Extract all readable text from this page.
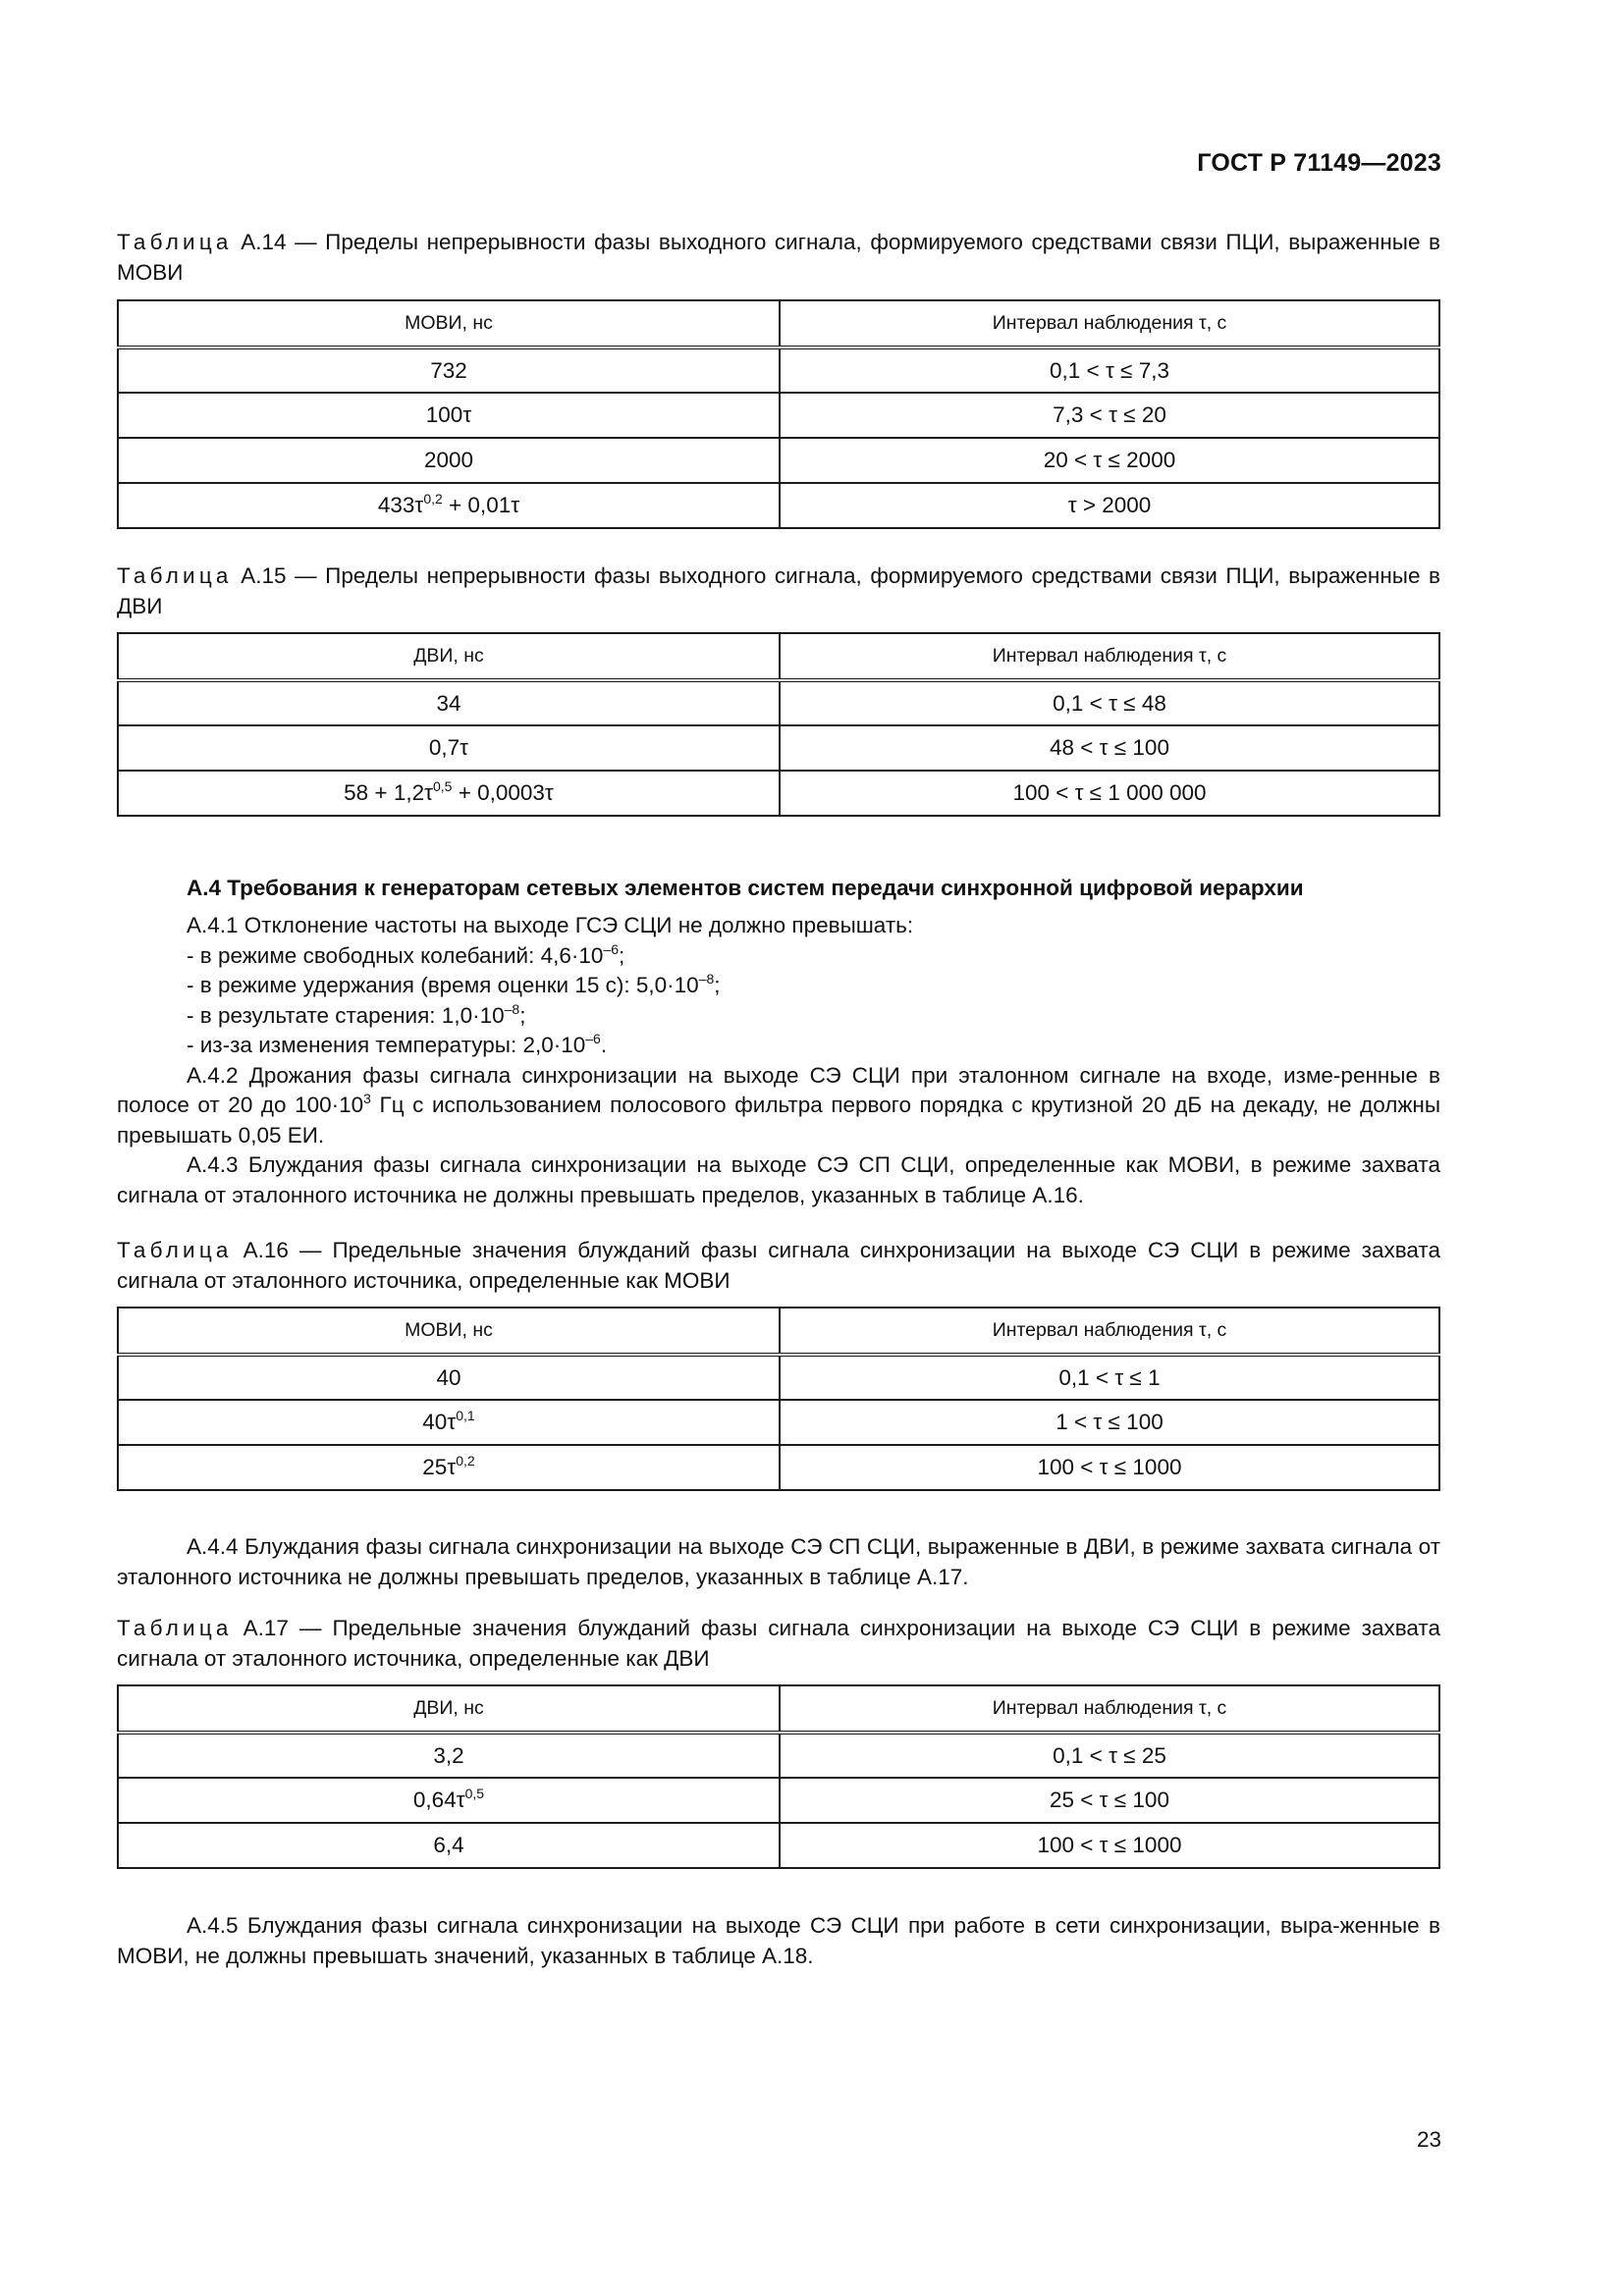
ГОСТ Р 71149—2023

Таблица А.14 — Пределы непрерывности фазы выходного сигнала, формируемого средствами связи ПЦИ, выраженные в МОВИ

МОВИ, нс	Интервал наблюдения τ, с
732	0,1 < τ ≤ 7,3
100τ	7,3 < τ ≤ 20
2000	20 < τ ≤ 2000
$433\tau^{0,2} + 0,01\tau$	τ > 2000

Таблица А.15 — Пределы непрерывности фазы выходного сигнала, формируемого средствами связи ПЦИ, выраженные в ДВИ

ДВИ, нс	Интервал наблюдения τ, с
34	0,1 < τ ≤ 48
0,7τ	48 < τ ≤ 100
$58 + 1,2\tau^{0,5} + 0,0003\tau$	100 < τ ≤ 1 000 000

А.4 Требования к генераторам сетевых элементов систем передачи синхронной цифровой иерархии

А.4.1 Отклонение частоты на выходе ГСЭ СЦИ не должно превышать:

- в режиме свободных колебаний: $4,6\cdot 10^{-6}$;

- в режиме удержания (время оценки 15 с): $5,0\cdot 10^{-8}$;

- в результате старения: $1,0\cdot 10^{-8}$;

- из-за изменения температуры: $2,0\cdot 10^{-6}$.

А.4.2 Дрожания фазы сигнала синхронизации на выходе СЭ СЦИ при эталонном сигнале на входе, изме-ренные в полосе от 20 до $100\cdot 10^3$ Гц с использованием полосового фильтра первого порядка с крутизной 20 дБ на декаду, не должны превышать 0,05 ЕИ.

А.4.3 Блуждания фазы сигнала синхронизации на выходе СЭ СП СЦИ, определенные как МОВИ, в режиме захвата сигнала от эталонного источника не должны превышать пределов, указанных в таблице А.16.

Таблица А.16 — Предельные значения блужданий фазы сигнала синхронизации на выходе СЭ СЦИ в режиме захвата сигнала от эталонного источника, определенные как МОВИ

МОВИ, нс	Интервал наблюдения τ, с
40	0,1 < τ ≤ 1
$40\tau^{0,1}$	1 < τ ≤ 100
$25\tau^{0,2}$	100 < τ ≤ 1000

А.4.4 Блуждания фазы сигнала синхронизации на выходе СЭ СП СЦИ, выраженные в ДВИ, в режиме захвата сигнала от эталонного источника не должны превышать пределов, указанных в таблице А.17.

Таблица А.17 — Предельные значения блужданий фазы сигнала синхронизации на выходе СЭ СЦИ в режиме захвата сигнала от эталонного источника, определенные как ДВИ

ДВИ, нс	Интервал наблюдения τ, с
3,2	0,1 < τ ≤ 25
$0,64\tau^{0,5}$	25 < τ ≤ 100
6,4	100 < τ ≤ 1000

А.4.5 Блуждания фазы сигнала синхронизации на выходе СЭ СЦИ при работе в сети синхронизации, выра-женные в МОВИ, не должны превышать значений, указанных в таблице А.18.

23
